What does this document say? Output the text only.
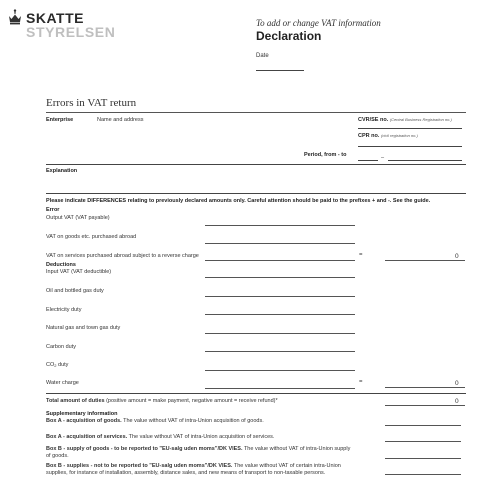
SKATTE
STYRELSEN
To add or change VAT information
Declaration
Date
Errors in VAT return
Enterprise	Name and address	CVR/SE no. (Central Business Registration no.)
CPR no. (civil registration no.)
Period, from - to	–
Explanation
Please indicate DIFFERENCES relating to previously declared amounts only. Careful attention should be paid to the prefixes + and -. See the guide.
Error
Output VAT (VAT payable)
VAT on goods etc. purchased abroad
VAT on services purchased abroad subject to a reverse charge	=	0
Deductions
Input VAT (VAT deductible)
Oil and bottled gas duty
Electricity duty
Natural gas and town gas duty
Carbon duty
$CO_2$ duty
Water charge	=	0
Total amount of duties (positive amount = make payment, negative amount = receive refund)*	0
Supplementary information
Box A - acquisition of goods. The value without VAT of intra-Union acquisition of goods.
Box A - acquisition of services. The value without VAT of intra-Union acquisition of services.
Box B - supply of goods - to be reported to "EU-salg uden moms"/DK VIES. The value without VAT of intra-Union supply of goods.
Box B - supplies - not to be reported to "EU-salg uden moms"/DK VIES. The value without VAT of certain intra-Union supplies, for instance of installation, assembly, distance sales, and new means of transport to non-taxable persons.
